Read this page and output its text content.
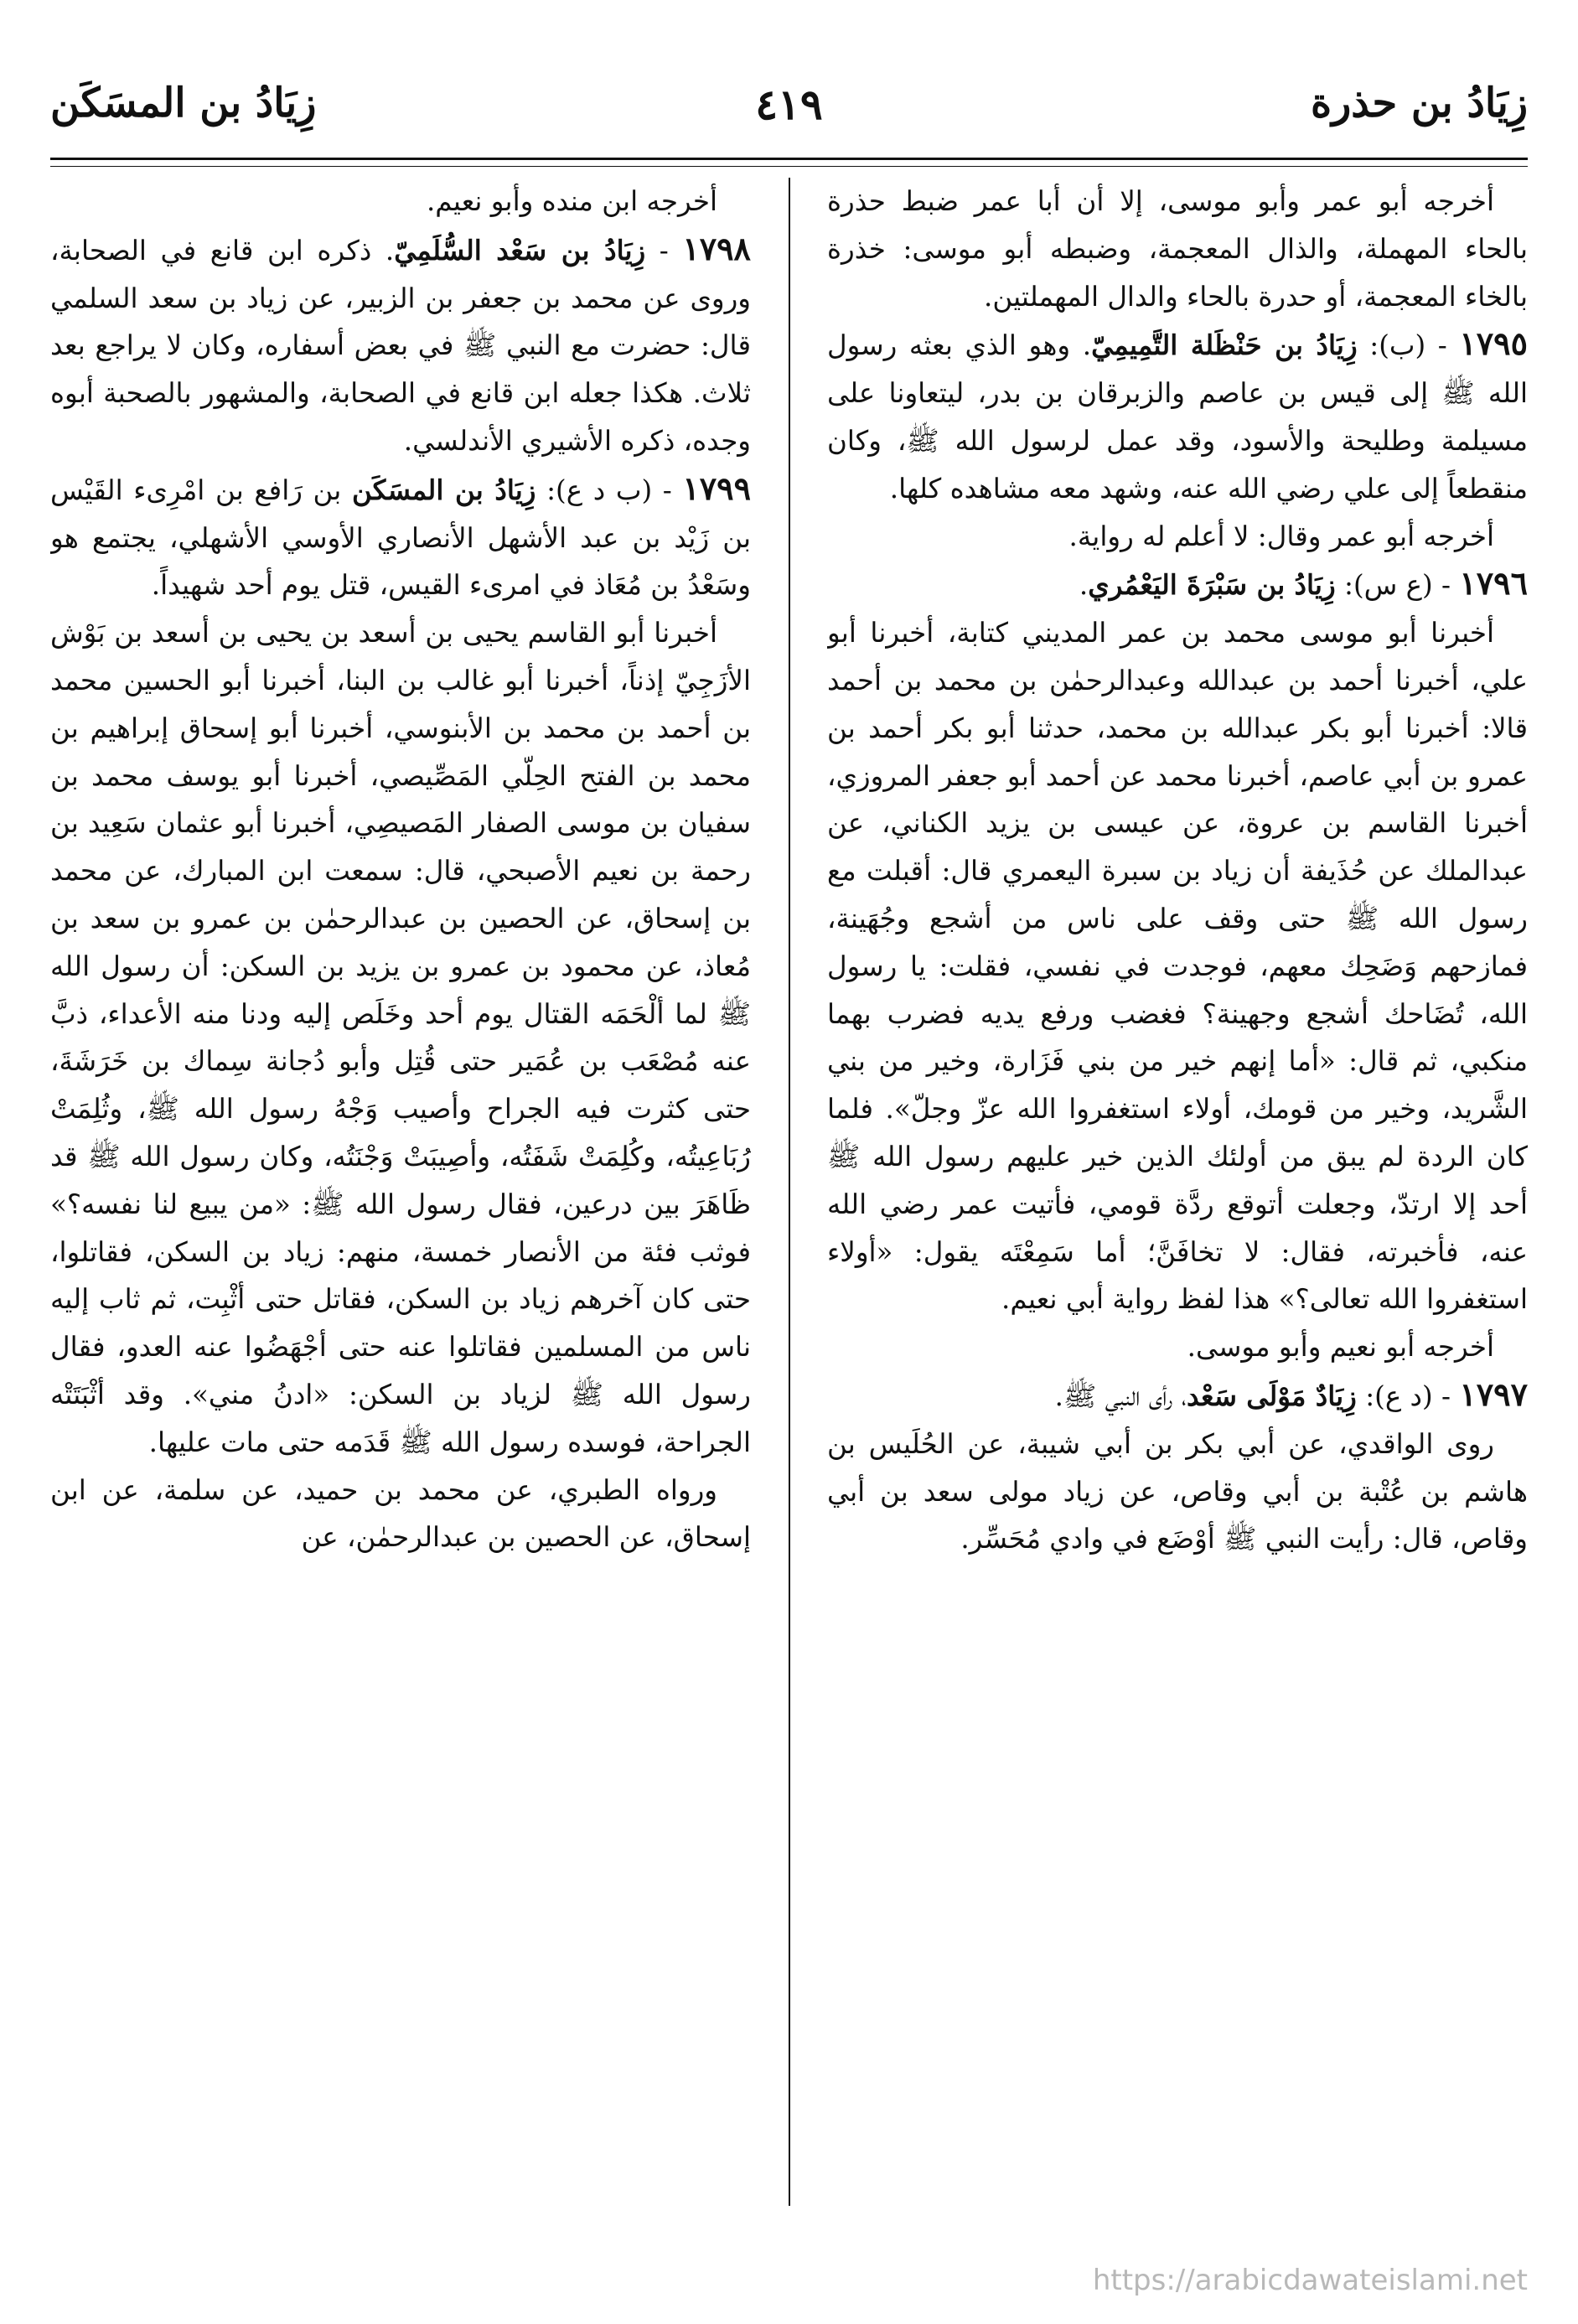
زِيَادُ بن حذرة
٤١٩
زِيَادُ بن المسَكَن

أخرجه أبو عمر وأبو موسى، إلا أن أبا عمر ضبط حذرة بالحاء المهملة، والذال المعجمة، وضبطه أبو موسى: خذرة بالخاء المعجمة، أو حدرة بالحاء والدال المهملتين.

١٧٩٥ - (ب): زِيَادُ بن حَنْظَلة التَّمِيمِيّ. وهو الذي بعثه رسول الله ﷺ إلى قيس بن عاصم والزبرقان بن بدر، ليتعاونا على مسيلمة وطليحة والأسود، وقد عمل لرسول الله ﷺ، وكان منقطعاً إلى علي رضي الله عنه، وشهد معه مشاهده كلها.

أخرجه أبو عمر وقال: لا أعلم له رواية.

١٧٩٦ - (ع س): زِيَادُ بن سَبْرَةَ اليَعْمُري.

أخبرنا أبو موسى محمد بن عمر المديني كتابة، أخبرنا أبو علي، أخبرنا أحمد بن عبدالله وعبدالرحمٰن بن محمد بن أحمد قالا: أخبرنا أبو بكر عبدالله بن محمد، حدثنا أبو بكر أحمد بن عمرو بن أبي عاصم، أخبرنا محمد عن أحمد أبو جعفر المروزي، أخبرنا القاسم بن عروة، عن عيسى بن يزيد الكناني، عن عبدالملك عن حُذَيفة أن زياد بن سبرة اليعمري قال: أقبلت مع رسول الله ﷺ حتى وقف على ناس من أشجع وجُهَينة، فمازحهم وَضَحِك معهم، فوجدت في نفسي، فقلت: يا رسول الله، تُضَاحك أشجع وجهينة؟ فغضب ورفع يديه فضرب بهما منكبي، ثم قال: «أما إنهم خير من بني فَزَارة، وخير من بني الشَّريد، وخير من قومك، أولاء استغفروا الله عزّ وجلّ». فلما كان الردة لم يبق من أولئك الذين خير عليهم رسول الله ﷺ أحد إلا ارتدّ، وجعلت أتوقع ردَّة قومي، فأتيت عمر رضي الله عنه، فأخبرته، فقال: لا تخافَنَّ؛ أما سَمِعْتَه يقول: «أولاء استغفروا الله تعالى؟» هذا لفظ رواية أبي نعيم.

أخرجه أبو نعيم وأبو موسى.

١٧٩٧ - (د ع): زِيَادٌ مَوْلَى سَعْد، رأى النبي ﷺ.

روى الواقدي، عن أبي بكر بن أبي شيبة، عن الحُلَيس بن هاشم بن عُتْبة بن أبي وقاص، عن زياد مولى سعد بن أبي وقاص، قال: رأيت النبي ﷺ أوْضَع في وادي مُحَسِّر.

أخرجه ابن منده وأبو نعيم.

١٧٩٨ - زِيَادُ بن سَعْد السُّلَمِيّ. ذكره ابن قانع في الصحابة، وروى عن محمد بن جعفر بن الزبير، عن زياد بن سعد السلمي قال: حضرت مع النبي ﷺ في بعض أسفاره، وكان لا يراجع بعد ثلاث. هكذا جعله ابن قانع في الصحابة، والمشهور بالصحبة أبوه وجده، ذكره الأشيري الأندلسي.

١٧٩٩ - (ب د ع): زِيَادُ بن المسَكَن بن رَافع بن امْرِىء القَيْس بن زَيْد بن عبد الأشهل الأنصاري الأوسي الأشهلي، يجتمع هو وسَعْدُ بن مُعَاذ في امرىء القيس، قتل يوم أحد شهيداً.

أخبرنا أبو القاسم يحيى بن أسعد بن يحيى بن أسعد بن بَوْش الأزَجِيّ إذناً، أخبرنا أبو غالب بن البنا، أخبرنا أبو الحسين محمد بن أحمد بن محمد بن الأبنوسي، أخبرنا أبو إسحاق إبراهيم بن محمد بن الفتح الحِلّي المَصِّيصي، أخبرنا أبو يوسف محمد بن سفيان بن موسى الصفار المَصيصِي، أخبرنا أبو عثمان سَعِيد بن رحمة بن نعيم الأصبحي، قال: سمعت ابن المبارك، عن محمد بن إسحاق، عن الحصين بن عبدالرحمٰن بن عمرو بن سعد بن مُعاذ، عن محمود بن عمرو بن يزيد بن السكن: أن رسول الله ﷺ لما ألْحَمَه القتال يوم أحد وخَلَص إليه ودنا منه الأعداء، ذبَّ عنه مُصْعَب بن عُمَير حتى قُتِل وأبو دُجانة سِماك بن خَرَشَةَ، حتى كثرت فيه الجراح وأصيب وَجْهُ رسول الله ﷺ، وثُلِمَتْ رُبَاعِيتُه، وكُلِمَتْ شَفَتُه، وأصِيبَتْ وَجْنَتُه، وكان رسول الله ﷺ قد ظَاهَرَ بين درعين، فقال رسول الله ﷺ: «من يبيع لنا نفسه؟» فوثب فئة من الأنصار خمسة، منهم: زياد بن السكن، فقاتلوا، حتى كان آخرهم زياد بن السكن، فقاتل حتى أثْبِت، ثم ثاب إليه ناس من المسلمين فقاتلوا عنه حتى أجْهَضُوا عنه العدو، فقال رسول الله ﷺ لزياد بن السكن: «ادنُ مني». وقد أثْبَتَتْه الجراحة، فوسده رسول الله ﷺ قَدَمه حتى مات عليها.

ورواه الطبري، عن محمد بن حميد، عن سلمة، عن ابن إسحاق، عن الحصين بن عبدالرحمٰن، عن

https://arabicdawateislami.net
